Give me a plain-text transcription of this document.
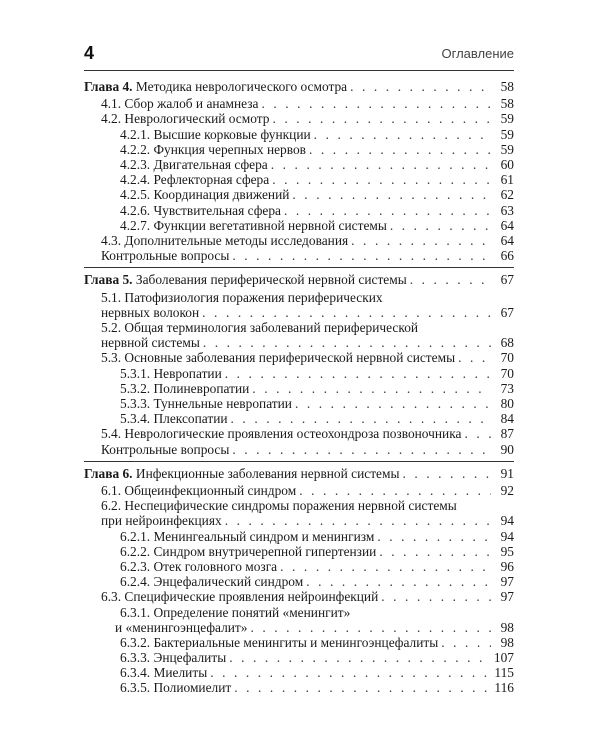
4	Оглавление
Глава 4. Методика неврологического осмотра . . .	58
4.1. Сбор жалоб и анамнеза . . .	58
4.2. Неврологический осмотр . . .	59
4.2.1. Высшие корковые функции . . .	59
4.2.2. Функция черепных нервов . . .	59
4.2.3. Двигательная сфера . . .	60
4.2.4. Рефлекторная сфера . . .	61
4.2.5. Координация движений . . .	62
4.2.6. Чувствительная сфера . . .	63
4.2.7. Функции вегетативной нервной системы . . .	64
4.3. Дополнительные методы исследования . . .	64
Контрольные вопросы . . .	66
Глава 5. Заболевания периферической нервной системы . . .	67
5.1. Патофизиология поражения периферических
нервных волокон . . .	67
5.2. Общая терминология заболеваний периферической
нервной системы . . .	68
5.3. Основные заболевания периферической нервной системы . . .	70
5.3.1. Невропатии . . .	70
5.3.2. Полиневропатии . . .	73
5.3.3. Туннельные невропатии . . .	80
5.3.4. Плексопатии . . .	84
5.4. Неврологические проявления остеохондроза позвоночника . . .	87
Контрольные вопросы . . .	90
Глава 6. Инфекционные заболевания нервной системы . . .	91
6.1. Общеинфекционный синдром . . .	92
6.2. Неспецифические синдромы поражения нервной системы
при нейроинфекциях . . .	94
6.2.1. Менингеальный синдром и менингизм . . .	94
6.2.2. Синдром внутричерепной гипертензии . . .	95
6.2.3. Отек головного мозга . . .	96
6.2.4. Энцефалический синдром . . .	97
6.3. Специфические проявления нейроинфекций . . .	97
6.3.1. Определение понятий «менингит»
и «менингоэнцефалит» . . .	98
6.3.2. Бактериальные менингиты и менингоэнцефалиты . . .	98
6.3.3. Энцефалиты . . .	107
6.3.4. Миелиты . . .	115
6.3.5. Полиомиелит . . .	116
